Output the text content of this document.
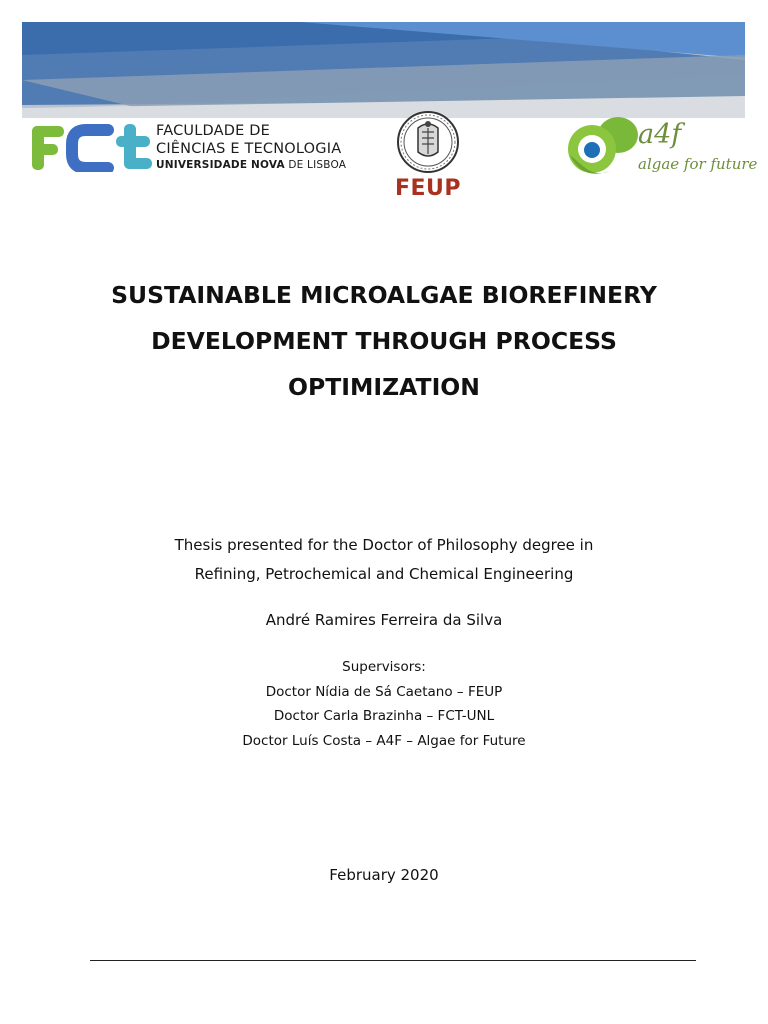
FACULDADE DE
CIÊNCIAS E TECNOLOGIA
UNIVERSIDADE NOVA DE LISBOA
FEUP
a4f
algae for future
SUSTAINABLE MICROALGAE BIOREFINERY
DEVELOPMENT THROUGH PROCESS
OPTIMIZATION
Thesis presented for the Doctor of Philosophy degree in
Refining, Petrochemical and Chemical Engineering
André Ramires Ferreira da Silva
Supervisors:
Doctor Nídia de Sá Caetano – FEUP
Doctor Carla Brazinha – FCT-UNL
Doctor Luís Costa – A4F – Algae for Future
February 2020
